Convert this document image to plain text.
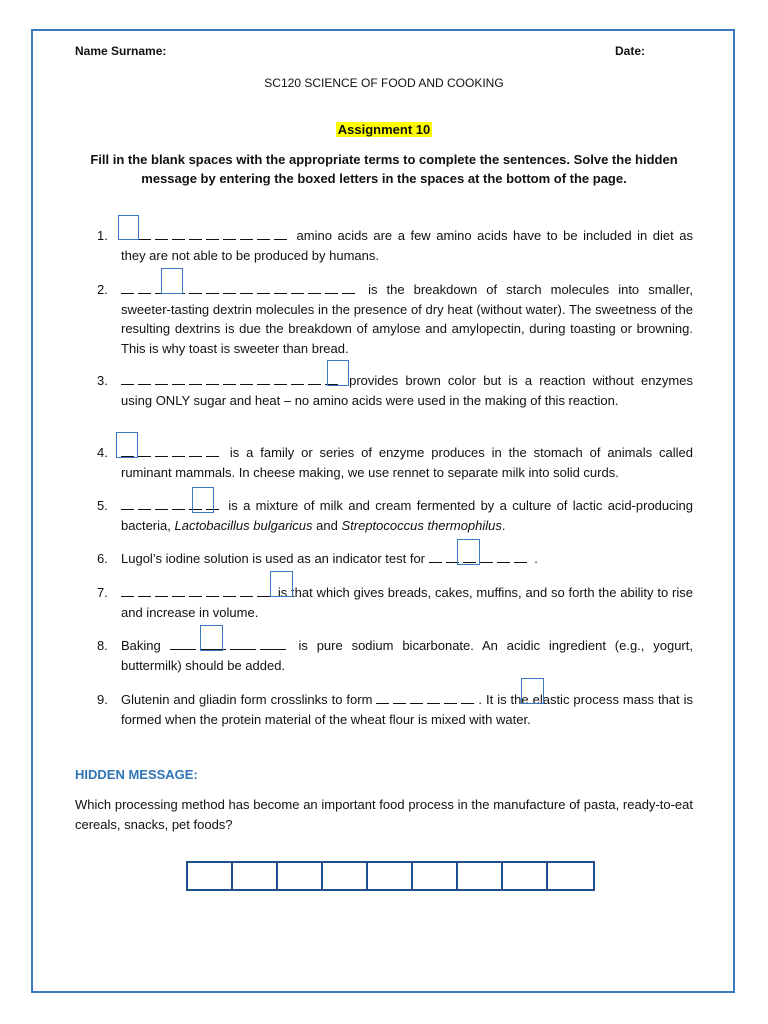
Name Surname:	Date:
SC120 SCIENCE OF FOOD AND COOKING
Assignment 10
Fill in the blank spaces with the appropriate terms to complete the sentences. Solve the hidden message by entering the boxed letters in the spaces at the bottom of the page.
1.	amino acids are a few amino acids have to be included in diet as they are not able to be produced by humans.
2.	is the breakdown of starch molecules into smaller, sweeter-tasting dextrin molecules in the presence of dry heat (without water). The sweetness of the resulting dextrins is due the breakdown of amylose and amylopectin, during toasting or browning. This is why toast is sweeter than bread.
3.	provides brown color but is a reaction without enzymes using ONLY sugar and heat – no amino acids were used in the making of this reaction.
4.	is a family or series of enzyme produces in the stomach of animals called ruminant mammals. In cheese making, we use rennet to separate milk into solid curds.
5.	is a mixture of milk and cream fermented by a culture of lactic acid-producing bacteria, Lactobacillus bulgaricus and Streptococcus thermophilus.
6. Lugol’s iodine solution is used as an indicator test for	.
7.	is that which gives breads, cakes, muffins, and so forth the ability to rise and increase in volume.
8. Baking	is pure sodium bicarbonate. An acidic ingredient (e.g., yogurt, buttermilk) should be added.
9. Glutenin and gliadin form crosslinks to form	. It is the elastic process mass that is formed when the protein material of the wheat flour is mixed with water.
HIDDEN MESSAGE:
Which processing method has become an important food process in the manufacture of pasta, ready-to-eat cereals, snacks, pet foods?
